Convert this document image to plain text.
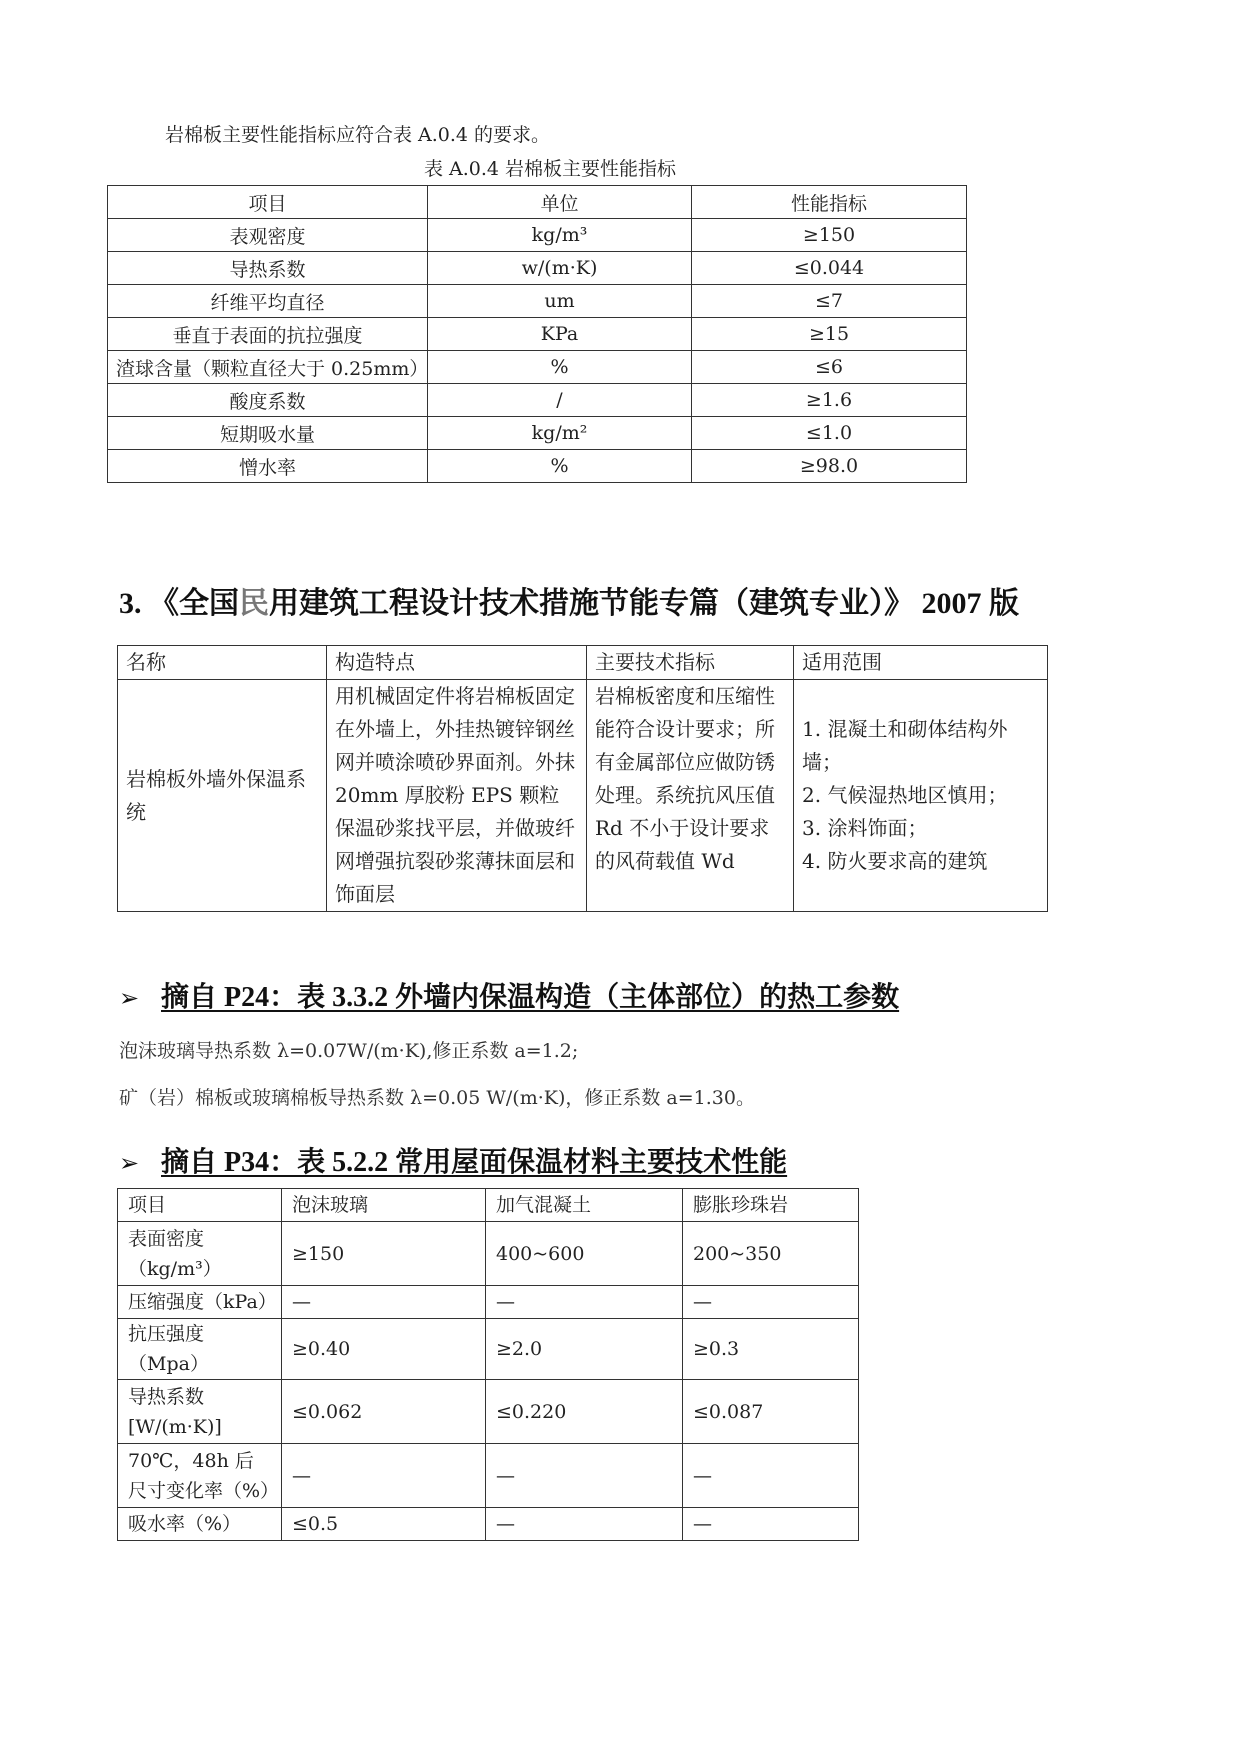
岩棉板主要性能指标应符合表 A.0.4 的要求。
表 A.0.4 岩棉板主要性能指标
项目	单位	性能指标
表观密度	kg/m³	≥150
导热系数	w/(m·K)	≤0.044
纤维平均直径	um	≤7
垂直于表面的抗拉强度	KPa	≥15
渣球含量（颗粒直径大于 0.25mm）	%	≤6
酸度系数	/	≥1.6
短期吸水量	kg/m²	≤1.0
憎水率	%	≥98.0
3. 《全国民用建筑工程设计技术措施节能专篇（建筑专业）》 2007 版
名称	构造特点	主要技术指标	适用范围
岩棉板外墙外保温系统	用机械固定件将岩棉板固定在外墙上，外挂热镀锌钢丝网并喷涂喷砂界面剂。外抹 20mm 厚胶粉 EPS 颗粒保温砂浆找平层，并做玻纤网增强抗裂砂浆薄抹面层和饰面层	岩棉板密度和压缩性能符合设计要求；所有金属部位应做防锈处理。系统抗风压值 Rd 不小于设计要求的风荷载值 Wd	1. 混凝土和砌体结构外墙；
2. 气候湿热地区慎用；
3. 涂料饰面；
4. 防火要求高的建筑
➢ 摘自 P24：表 3.3.2 外墙内保温构造（主体部位）的热工参数
泡沫玻璃导热系数 λ=0.07W/(m·K),修正系数 a=1.2;
矿（岩）棉板或玻璃棉板导热系数 λ=0.05 W/(m·K)，修正系数 a=1.30。
➢ 摘自 P34：表 5.2.2 常用屋面保温材料主要技术性能
项目	泡沫玻璃	加气混凝土	膨胀珍珠岩
表面密度（kg/m³）	≥150	400~600	200~350
压缩强度（kPa）	—	—	—
抗压强度（Mpa）	≥0.40	≥2.0	≥0.3
导热系数 [W/(m·K)]	≤0.062	≤0.220	≤0.087
70℃，48h 后尺寸变化率（%）	—	—	—
吸水率（%）	≤0.5	—	—
